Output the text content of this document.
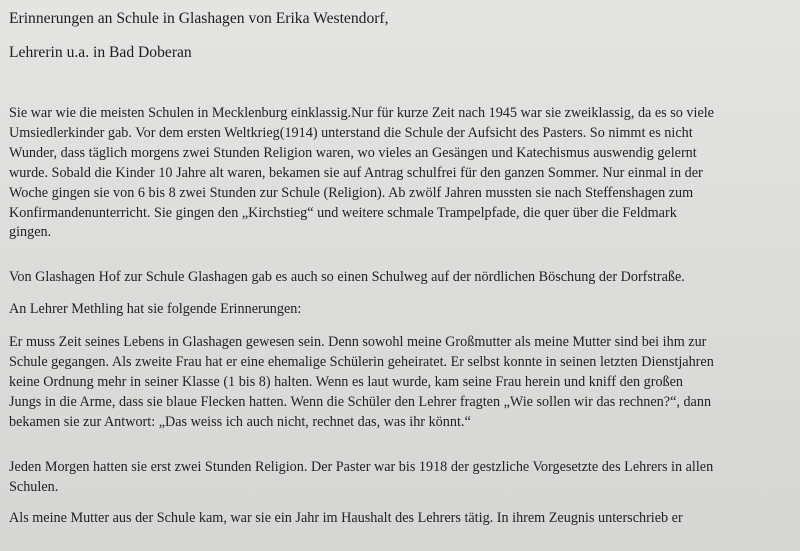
Erinnerungen an Schule in Glashagen von Erika Westendorf,
Lehrerin u.a. in Bad Doberan
Sie war wie die meisten Schulen in Mecklenburg einklassig.Nur für kurze Zeit nach 1945 war sie zweiklassig, da es so viele
Umsiedlerkinder gab. Vor dem ersten Weltkrieg(1914) unterstand die Schule der Aufsicht des Pasters. So nimmt es nicht
Wunder, dass täglich morgens zwei Stunden Religion waren, wo vieles an Gesängen und Katechismus auswendig gelernt
wurde. Sobald die Kinder 10 Jahre alt waren, bekamen sie auf Antrag schulfrei für den ganzen Sommer. Nur einmal in der
Woche gingen sie von 6 bis 8 zwei Stunden zur Schule (Religion). Ab zwölf Jahren mussten sie nach Steffenshagen zum
Konfirmandenunterricht. Sie gingen den „Kirchstieg“ und weitere schmale Trampelpfade, die quer über die Feldmark
gingen.
Von Glashagen Hof zur Schule Glashagen gab es auch so einen Schulweg auf der nördlichen Böschung der Dorfstraße.
An Lehrer Methling hat sie folgende Erinnerungen:
Er muss Zeit seines Lebens in Glashagen gewesen sein. Denn sowohl meine Großmutter als meine Mutter sind bei ihm zur
Schule gegangen. Als zweite Frau hat er eine ehemalige Schülerin geheiratet. Er selbst konnte in seinen letzten Dienstjahren
keine Ordnung mehr in seiner Klasse (1 bis 8) halten. Wenn es laut wurde, kam seine Frau herein und kniff den großen
Jungs in die Arme, dass sie blaue Flecken hatten. Wenn die Schüler den Lehrer fragten „Wie sollen wir das rechnen?“, dann
bekamen sie zur Antwort: „Das weiss ich auch nicht, rechnet das, was ihr könnt.“
Jeden Morgen hatten sie erst zwei Stunden Religion. Der Paster war bis 1918 der gestzliche Vorgesetzte des Lehrers in allen
Schulen.
Als meine Mutter aus der Schule kam, war sie ein Jahr im Haushalt des Lehrers tätig. In ihrem Zeugnis unterschrieb er
